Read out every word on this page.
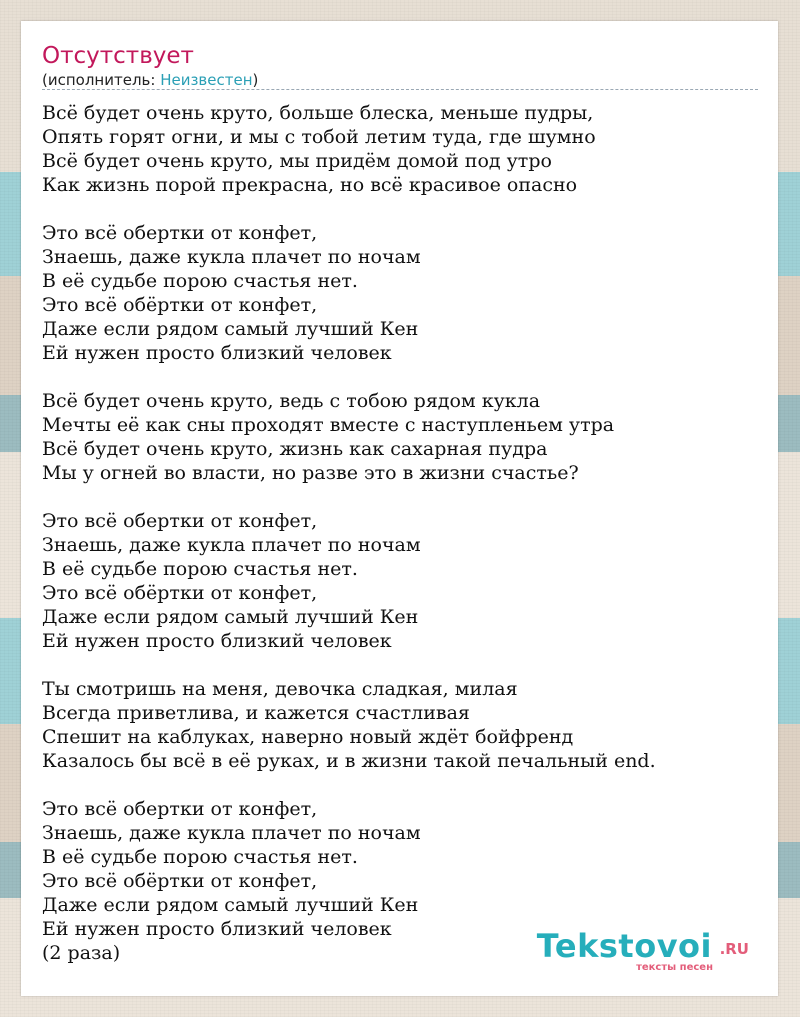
Отсутствует
(исполнитель: Неизвестен)
Всё будет очень круто, больше блеска, меньше пудры,
Опять горят огни, и мы с тобой летим туда, где шумно
Всё будет очень круто, мы придём домой под утро
Как жизнь порой прекрасна, но всё красивое опасно
Это всё обертки от конфет,
Знаешь, даже кукла плачет по ночам
В её судьбе порою счастья нет.
Это всё обёртки от конфет,
Даже если рядом самый лучший Кен
Ей нужен просто близкий человек
Всё будет очень круто, ведь с тобою рядом кукла
Мечты её как сны проходят вместе с наступленьем утра
Всё будет очень круто, жизнь как сахарная пудра
Мы у огней во власти, но разве это в жизни счастье?
Это всё обертки от конфет,
Знаешь, даже кукла плачет по ночам
В её судьбе порою счастья нет.
Это всё обёртки от конфет,
Даже если рядом самый лучший Кен
Ей нужен просто близкий человек
Ты смотришь на меня, девочка сладкая, милая
Всегда приветлива, и кажется счастливая
Спешит на каблуках, наверно новый ждёт бойфренд
Казалось бы всё в её руках, и в жизни такой печальный end.
Это всё обертки от конфет,
Знаешь, даже кукла плачет по ночам
В её судьбе порою счастья нет.
Это всё обёртки от конфет,
Даже если рядом самый лучший Кен
Ей нужен просто близкий человек
(2 раза)	Tekstovoi .RU
тексты песен
